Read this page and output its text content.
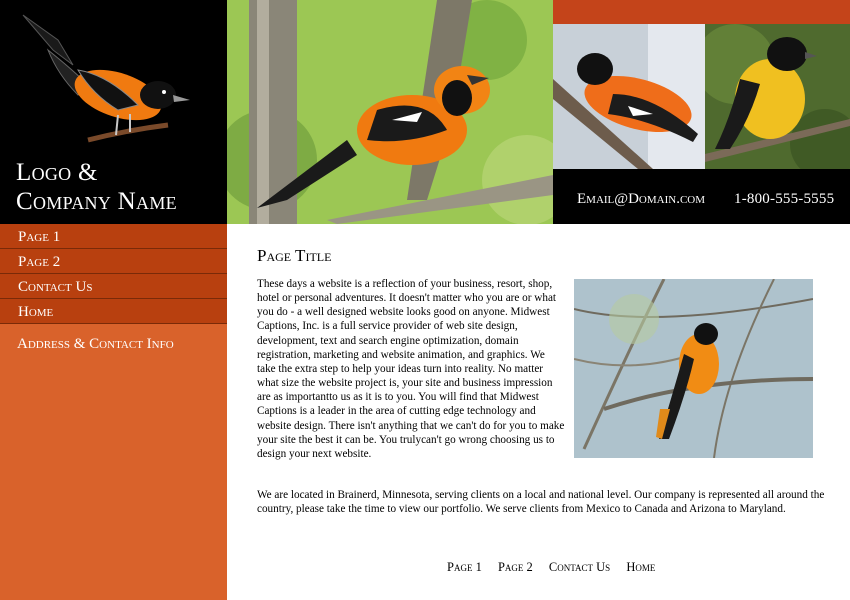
Logo &
Company Name	Email@Domain.com 1-800-555-5555
Page 1
Page 2
Contact Us
Home
Address & Contact Info
Page Title

These days a website is a reflection of your business, resort, shop, hotel or personal adventures. It doesn't matter who you are or what you do - a well designed website looks good on anyone. Midwest Captions, Inc. is a full service provider of web site design, development, text and search engine optimization, domain registration, marketing and website animation, and graphics. We take the extra step to help your ideas turn into reality. No matter what size the website project is, your site and business impression are as importantto us as it is to you. You will find that Midwest Captions is a leader in the area of cutting edge technology and website design. There isn't anything that we can't do for you to make your site the best it can be. You trulycan't go wrong choosing us to design your next website.

We are located in Brainerd, Minnesota, serving clients on a local and national level. Our company is represented all around the country, please take the time to view our portfolio. We serve clients from Mexico to Canada and Arizona to Maryland.

Page 1 Page 2 Contact Us Home
